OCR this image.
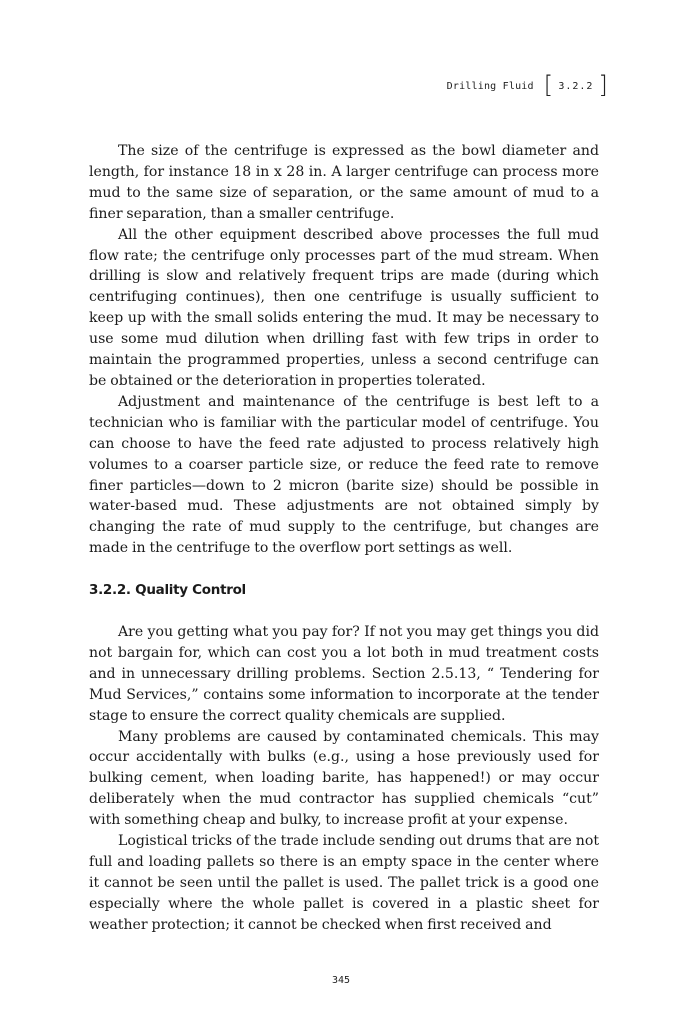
Drilling Fluid [ 3.2.2 ]

The size of the centrifuge is expressed as the bowl diameter and length, for instance 18 in x 28 in. A larger centrifuge can process more mud to the same size of separation, or the same amount of mud to a finer separation, than a smaller centrifuge.

All the other equipment described above processes the full mud flow rate; the centrifuge only processes part of the mud stream. When drilling is slow and relatively frequent trips are made (during which centrifuging continues), then one centrifuge is usually sufficient to keep up with the small solids entering the mud. It may be necessary to use some mud dilution when drilling fast with few trips in order to maintain the programmed properties, unless a second centrifuge can be obtained or the deterioration in properties tolerated.

Adjustment and maintenance of the centrifuge is best left to a technician who is familiar with the particular model of centrifuge. You can choose to have the feed rate adjusted to process relatively high volumes to a coarser particle size, or reduce the feed rate to remove finer particles—down to 2 micron (barite size) should be possible in water-based mud. These adjustments are not obtained simply by changing the rate of mud supply to the centrifuge, but changes are made in the centrifuge to the overflow port settings as well.

3.2.2. Quality Control

Are you getting what you pay for? If not you may get things you did not bargain for, which can cost you a lot both in mud treatment costs and in unnecessary drilling problems. Section 2.5.13, “ Tendering for Mud Services,” contains some information to incorporate at the tender stage to ensure the correct quality chemicals are supplied.

Many problems are caused by contaminated chemicals. This may occur accidentally with bulks (e.g., using a hose previously used for bulking cement, when loading barite, has happened!) or may occur deliberately when the mud contractor has supplied chemicals “cut” with something cheap and bulky, to increase profit at your expense.

Logistical tricks of the trade include sending out drums that are not full and loading pallets so there is an empty space in the center where it cannot be seen until the pallet is used. The pallet trick is a good one especially where the whole pallet is covered in a plastic sheet for weather protection; it cannot be checked when first received and

345
